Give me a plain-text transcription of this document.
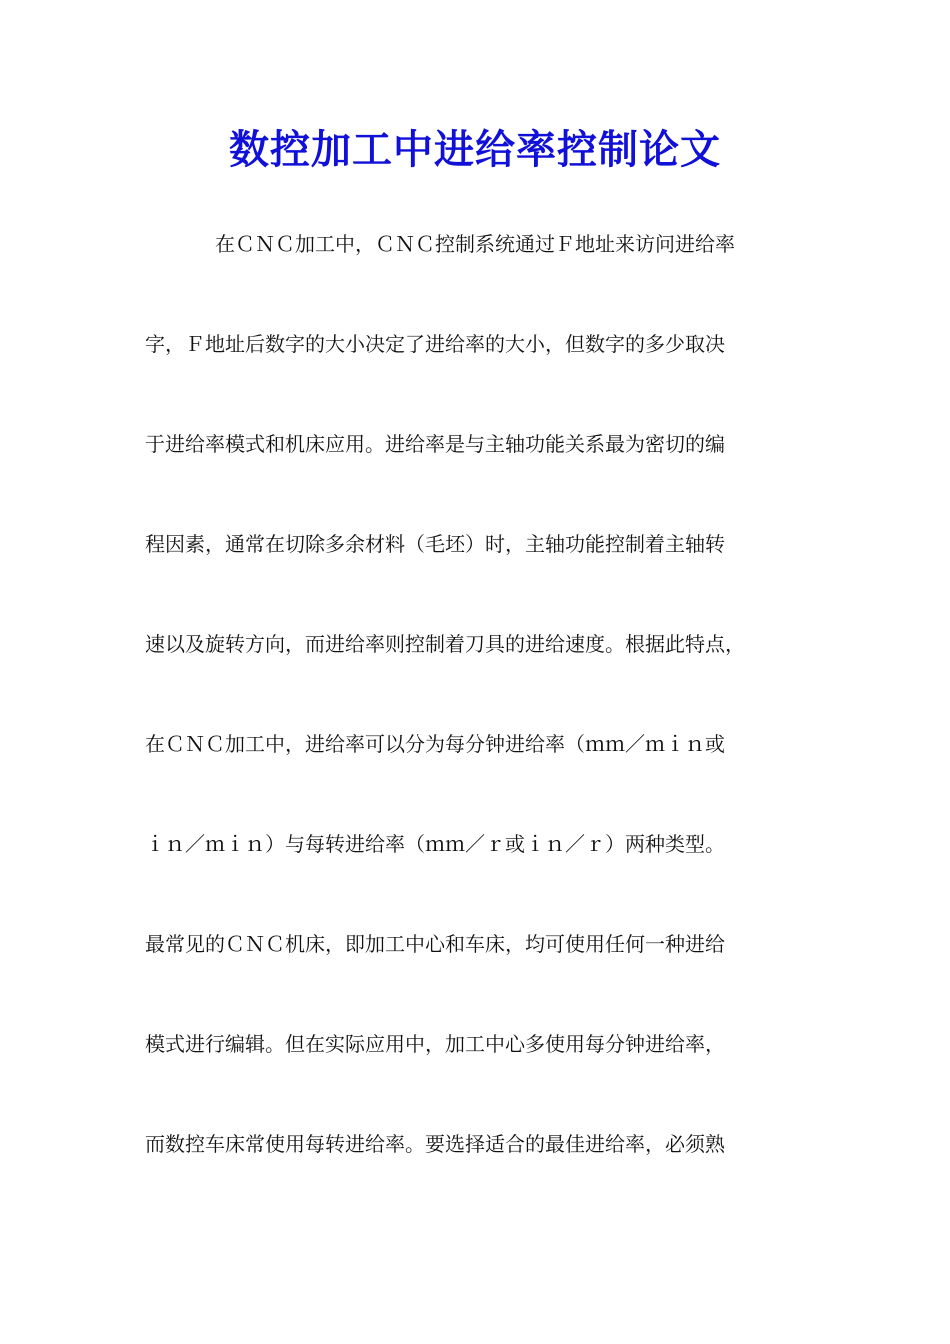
数控加工中进给率控制论文
在ＣＮＣ加工中，ＣＮＣ控制系统通过Ｆ地址来访问进给率
字，Ｆ地址后数字的大小决定了进给率的大小，但数字的多少取决
于进给率模式和机床应用。进给率是与主轴功能关系最为密切的编
程因素，通常在切除多余材料（毛坯）时，主轴功能控制着主轴转
速以及旋转方向，而进给率则控制着刀具的进给速度。根据此特点，
在ＣＮＣ加工中，进给率可以分为每分钟进给率（ｍｍ／ｍｉｎ或
ｉｎ／ｍｉｎ）与每转进给率（ｍｍ／ｒ或ｉｎ／ｒ）两种类型。
最常见的ＣＮＣ机床，即加工中心和车床，均可使用任何一种进给
模式进行编辑。但在实际应用中，加工中心多使用每分钟进给率，
而数控车床常使用每转进给率。要选择适合的最佳进给率，必须熟
